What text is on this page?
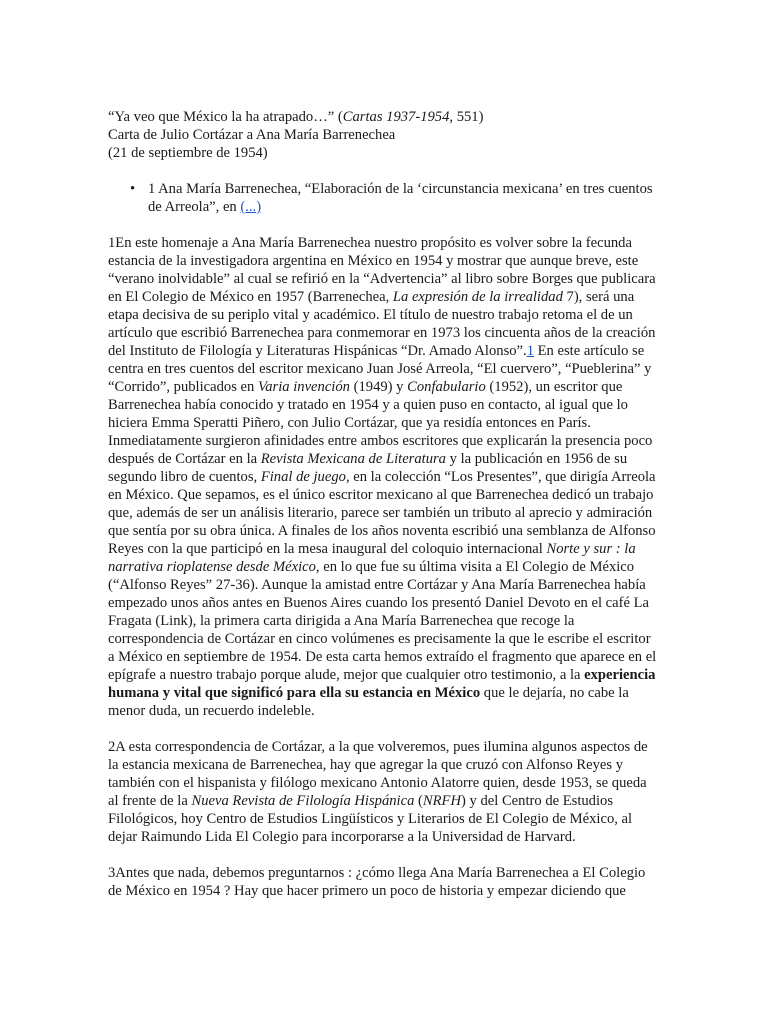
“Ya veo que México la ha atrapado…” (Cartas 1937-1954, 551)

Carta de Julio Cortázar a Ana María Barrenechea

(21 de septiembre de 1954)

• 1 Ana María Barrenechea, “Elaboración de la ‘circunstancia mexicana’ en tres cuentos de Arreola”, en (...)

1En este homenaje a Ana María Barrenechea nuestro propósito es volver sobre la fecunda estancia de la investigadora argentina en México en 1954 y mostrar que aunque breve, este “verano inolvidable” al cual se refirió en la “Advertencia” al libro sobre Borges que publicara en El Colegio de México en 1957 (Barrenechea, La expresión de la irrealidad 7), será una etapa decisiva de su periplo vital y académico. El título de nuestro trabajo retoma el de un artículo que escribió Barrenechea para conmemorar en 1973 los cincuenta años de la creación del Instituto de Filología y Literaturas Hispánicas “Dr. Amado Alonso”.1 En este artículo se centra en tres cuentos del escritor mexicano Juan José Arreola, “El cuervero”, “Pueblerina” y “Corrido”, publicados en Varia invención (1949) y Confabulario (1952), un escritor que Barrenechea había conocido y tratado en 1954 y a quien puso en contacto, al igual que lo hiciera Emma Speratti Piñero, con Julio Cortázar, que ya residía entonces en París. Inmediatamente surgieron afinidades entre ambos escritores que explicarán la presencia poco después de Cortázar en la Revista Mexicana de Literatura y la publicación en 1956 de su segundo libro de cuentos, Final de juego, en la colección “Los Presentes”, que dirigía Arreola en México. Que sepamos, es el único escritor mexicano al que Barrenechea dedicó un trabajo que, además de ser un análisis literario, parece ser también un tributo al aprecio y admiración que sentía por su obra única. A finales de los años noventa escribió una semblanza de Alfonso Reyes con la que participó en la mesa inaugural del coloquio internacional Norte y sur : la narrativa rioplatense desde México, en lo que fue su última visita a El Colegio de México (“Alfonso Reyes” 27-36). Aunque la amistad entre Cortázar y Ana María Barrenechea había empezado unos años antes en Buenos Aires cuando los presentó Daniel Devoto en el café La Fragata (Link), la primera carta dirigida a Ana María Barrenechea que recoge la correspondencia de Cortázar en cinco volúmenes es precisamente la que le escribe el escritor a México en septiembre de 1954. De esta carta hemos extraído el fragmento que aparece en el epígrafe a nuestro trabajo porque alude, mejor que cualquier otro testimonio, a la experiencia humana y vital que significó para ella su estancia en México que le dejaría, no cabe la menor duda, un recuerdo indeleble.

2A esta correspondencia de Cortázar, a la que volveremos, pues ilumina algunos aspectos de la estancia mexicana de Barrenechea, hay que agregar la que cruzó con Alfonso Reyes y también con el hispanista y filólogo mexicano Antonio Alatorre quien, desde 1953, se queda al frente de la Nueva Revista de Filología Hispánica (NRFH) y del Centro de Estudios Filológicos, hoy Centro de Estudios Lingüísticos y Literarios de El Colegio de México, al dejar Raimundo Lida El Colegio para incorporarse a la Universidad de Harvard.

3Antes que nada, debemos preguntarnos : ¿cómo llega Ana María Barrenechea a El Colegio de México en 1954 ? Hay que hacer primero un poco de historia y empezar diciendo que
